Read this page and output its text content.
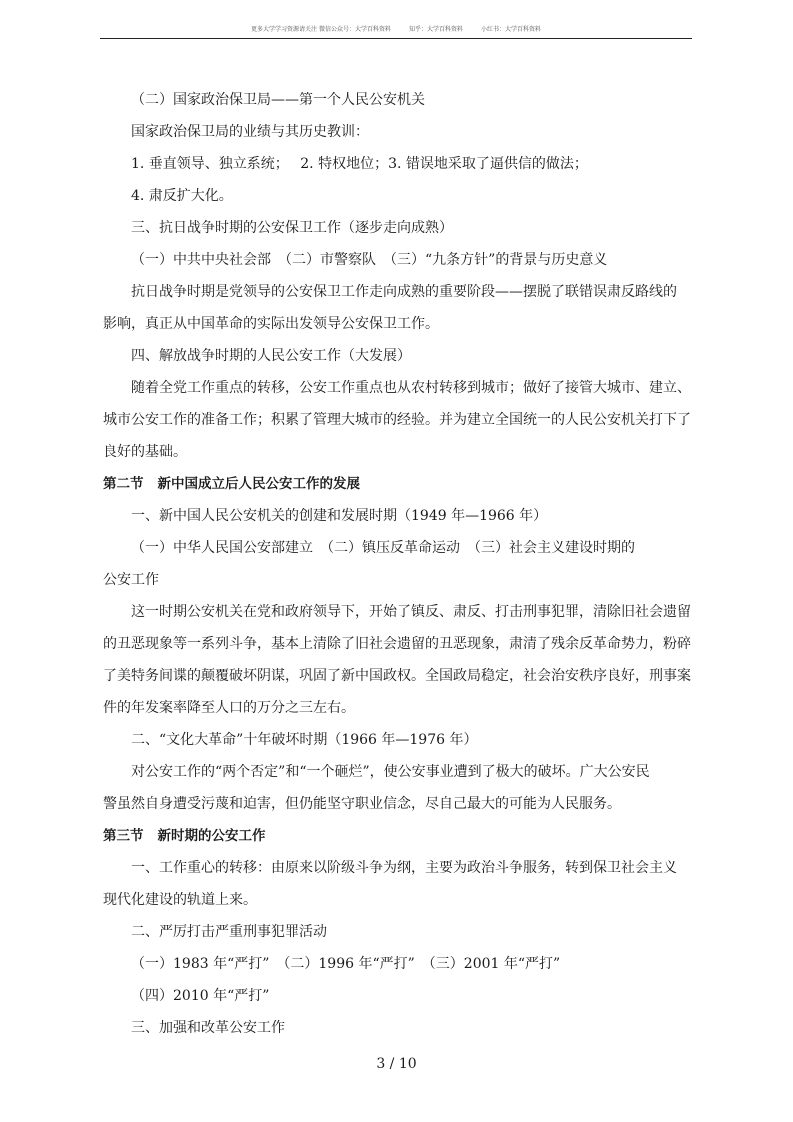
更多大学学习资源请关注 微信公众号：大学百科资料　　　知乎：大学百科资料　　　小红书：大学百科资料

（二）国家政治保卫局——第一个人民公安机关

国家政治保卫局的业绩与其历史教训：

1. 垂直领导、独立系统；　 2. 特权地位；3. 错误地采取了逼供信的做法；

4. 肃反扩大化。

三、抗日战争时期的公安保卫工作（逐步走向成熟）

（一）中共中央社会部　（二）市警察队　（三）“九条方针”的背景与历史意义

抗日战争时期是党领导的公安保卫工作走向成熟的重要阶段——摆脱了联错误肃反路线的

影响，真正从中国革命的实际出发领导公安保卫工作。

四、解放战争时期的人民公安工作（大发展）

随着全党工作重点的转移，公安工作重点也从农村转移到城市；做好了接管大城市、建立、

城市公安工作的准备工作；积累了管理大城市的经验。并为建立全国统一的人民公安机关打下了

良好的基础。

第二节 新中国成立后人民公安工作的发展

一、新中国人民公安机关的创建和发展时期（1949 年—1966 年）

（一）中华人民国公安部建立　（二）镇压反革命运动　（三）社会主义建设时期的

公安工作

这一时期公安机关在党和政府领导下，开始了镇反、肃反、打击刑事犯罪，清除旧社会遗留

的丑恶现象等一系列斗争，基本上清除了旧社会遗留的丑恶现象，肃清了残余反革命势力，粉碎

了美特务间谍的颠覆破坏阴谋，巩固了新中国政权。全国政局稳定，社会治安秩序良好，刑事案

件的年发案率降至人口的万分之三左右。

二、“文化大革命”十年破坏时期（1966 年—1976 年）

对公安工作的“两个否定”和“一个砸烂”，使公安事业遭到了极大的破坏。广大公安民

警虽然自身遭受污蔑和迫害，但仍能坚守职业信念，尽自己最大的可能为人民服务。

第三节 新时期的公安工作

一、工作重心的转移：由原来以阶级斗争为纲，主要为政治斗争服务，转到保卫社会主义

现代化建设的轨道上来。

二、严厉打击严重刑事犯罪活动

（一）1983 年“严打”　（二）1996 年“严打”　（三）2001 年“严打”

（四）2010 年“严打”

三、加强和改革公安工作

3 / 10
